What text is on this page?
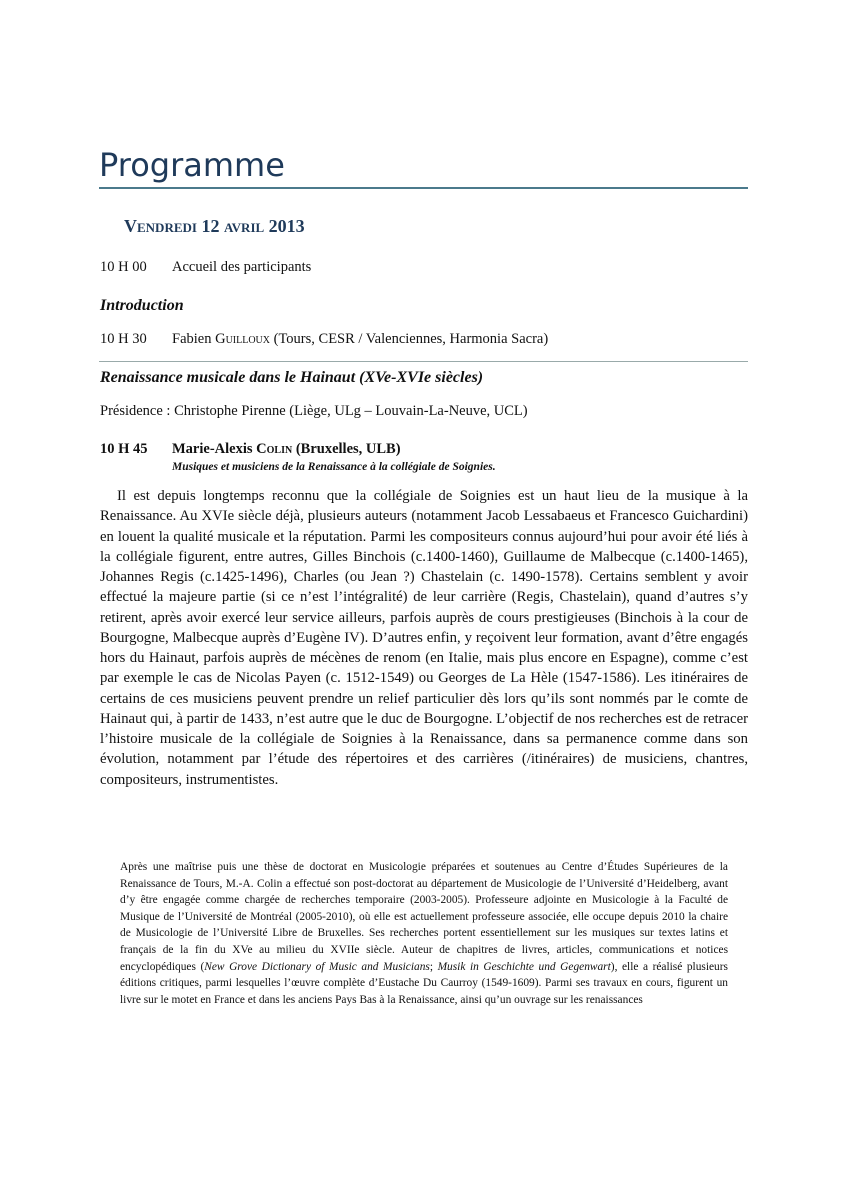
Programme
Vendredi 12 avril 2013
10 H 00 Accueil des participants
Introduction
10 H 30 Fabien Guilloux (Tours, CESR / Valenciennes, Harmonia Sacra)
Renaissance musicale dans le Hainaut (XVe-XVIe siècles)
Présidence : Christophe Pirenne (Liège, ULg – Louvain-La-Neuve, UCL)
10 H 45 Marie-Alexis Colin (Bruxelles, ULB)
Musiques et musiciens de la Renaissance à la collégiale de Soignies.

Il est depuis longtemps reconnu que la collégiale de Soignies est un haut lieu de la musique à la Renaissance. Au XVIe siècle déjà, plusieurs auteurs (notamment Jacob Lessabaeus et Francesco Guichardini) en louent la qualité musicale et la réputation. Parmi les compositeurs connus aujourd’hui pour avoir été liés à la collégiale figurent, entre autres, Gilles Binchois (c.1400-1460), Guillaume de Malbecque (c.1400-1465), Johannes Regis (c.1425-1496), Charles (ou Jean ?) Chastelain (c. 1490-1578). Certains semblent y avoir effectué la majeure partie (si ce n’est l’intégralité) de leur carrière (Regis, Chastelain), quand d’autres s’y retirent, après avoir exercé leur service ailleurs, parfois auprès de cours prestigieuses (Binchois à la cour de Bourgogne, Malbecque auprès d’Eugène IV). D’autres enfin, y reçoivent leur formation, avant d’être engagés hors du Hainaut, parfois auprès de mécènes de renom (en Italie, mais plus encore en Espagne), comme c’est par exemple le cas de Nicolas Payen (c. 1512-1549) ou Georges de La Hèle (1547-1586). Les itinéraires de certains de ces musiciens peuvent prendre un relief particulier dès lors qu’ils sont nommés par le comte de Hainaut qui, à partir de 1433, n’est autre que le duc de Bourgogne. L’objectif de nos recherches est de retracer l’histoire musicale de la collégiale de Soignies à la Renaissance, dans sa permanence comme dans son évolution, notamment par l’étude des répertoires et des carrières (/itinéraires) de musiciens, chantres, compositeurs, instrumentistes.

Après une maîtrise puis une thèse de doctorat en Musicologie préparées et soutenues au Centre d’Études Supérieures de la Renaissance de Tours, M.-A. Colin a effectué son post-doctorat au département de Musicologie de l’Université d’Heidelberg, avant d’y être engagée comme chargée de recherches temporaire (2003-2005). Professeure adjointe en Musicologie à la Faculté de Musique de l’Université de Montréal (2005-2010), où elle est actuellement professeure associée, elle occupe depuis 2010 la chaire de Musicologie de l’Université Libre de Bruxelles. Ses recherches portent essentiellement sur les musiques sur textes latins et français de la fin du XVe au milieu du XVIIe siècle. Auteur de chapitres de livres, articles, communications et notices encyclopédiques (New Grove Dictionary of Music and Musicians; Musik in Geschichte und Gegenwart), elle a réalisé plusieurs éditions critiques, parmi lesquelles l’œuvre complète d’Eustache Du Caurroy (1549-1609). Parmi ses travaux en cours, figurent un livre sur le motet en France et dans les anciens Pays Bas à la Renaissance, ainsi qu’un ouvrage sur les renaissances
